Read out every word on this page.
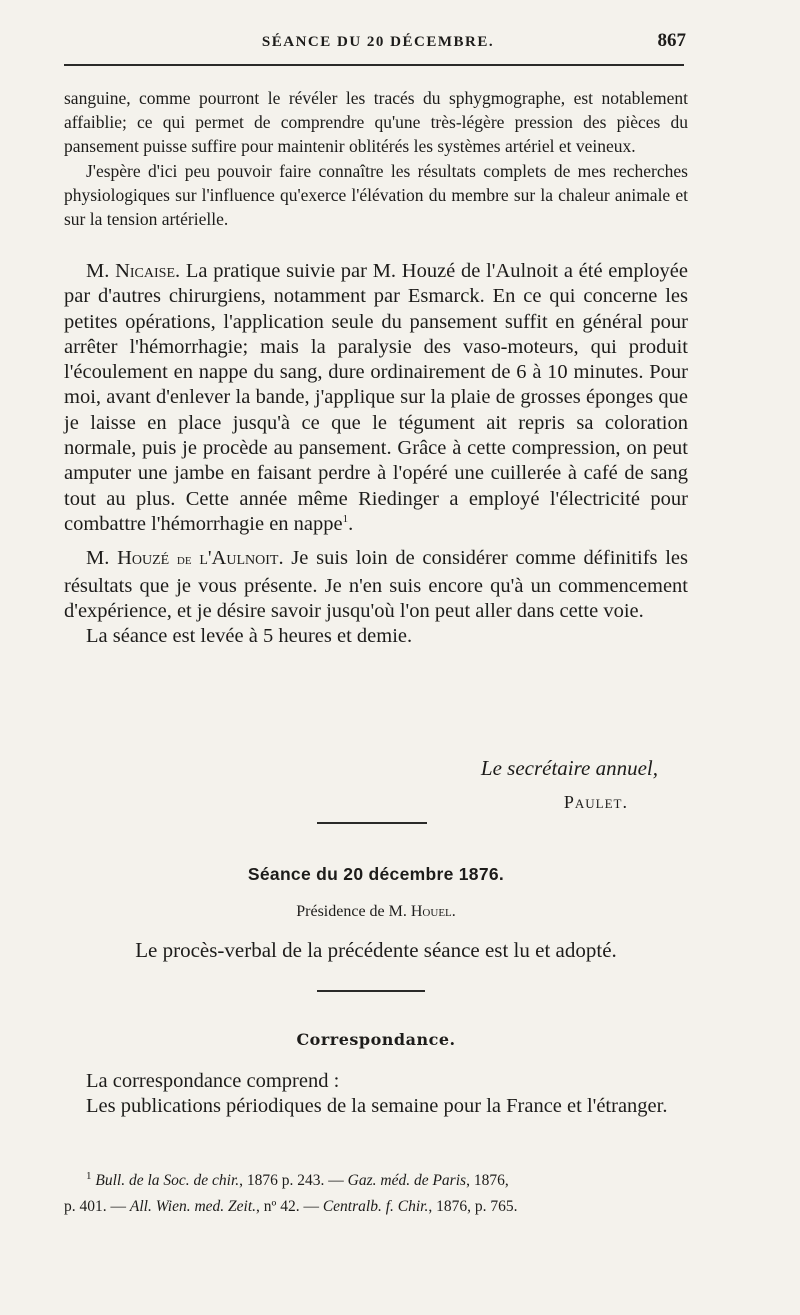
SÉANCE DU 20 DÉCEMBRE.	867

sanguine, comme pourront le révéler les tracés du sphygmographe, est notablement affaiblie; ce qui permet de comprendre qu'une très-légère pression des pièces du pansement puisse suffire pour maintenir oblitérés les systèmes artériel et veineux.

J'espère d'ici peu pouvoir faire connaître les résultats complets de mes recherches physiologiques sur l'influence qu'exerce l'élévation du membre sur la chaleur animale et sur la tension artérielle.

M. Nicaise. La pratique suivie par M. Houzé de l'Aulnoit a été employée par d'autres chirurgiens, notamment par Esmarck. En ce qui concerne les petites opérations, l'application seule du pansement suffit en général pour arrêter l'hémorrhagie; mais la paralysie des vaso-moteurs, qui produit l'écoulement en nappe du sang, dure ordinairement de 6 à 10 minutes. Pour moi, avant d'enlever la bande, j'applique sur la plaie de grosses éponges que je laisse en place jusqu'à ce que le tégument ait repris sa coloration normale, puis je procède au pansement. Grâce à cette compression, on peut amputer une jambe en faisant perdre à l'opéré une cuillerée à café de sang tout au plus. Cette année même Riedinger a employé l'électricité pour combattre l'hémorrhagie en nappe$^1$.

M. Houzé de l'Aulnoit. Je suis loin de considérer comme définitifs les résultats que je vous présente. Je n'en suis encore qu'à un commencement d'expérience, et je désire savoir jusqu'où l'on peut aller dans cette voie.

La séance est levée à 5 heures et demie.

Le secrétaire annuel,
Paulet.
Séance du 20 décembre 1876.
Présidence de M. Houel.
Le procès-verbal de la précédente séance est lu et adopté.
Correspondance.

La correspondance comprend :

Les publications périodiques de la semaine pour la France et l'étranger.

$^1$ Bull. de la Soc. de chir., 1876 p. 243. — Gaz. méd. de Paris, 1876,
p. 401. — All. Wien. med. Zeit., nº 42. — Centralb. f. Chir., 1876, p. 765.
